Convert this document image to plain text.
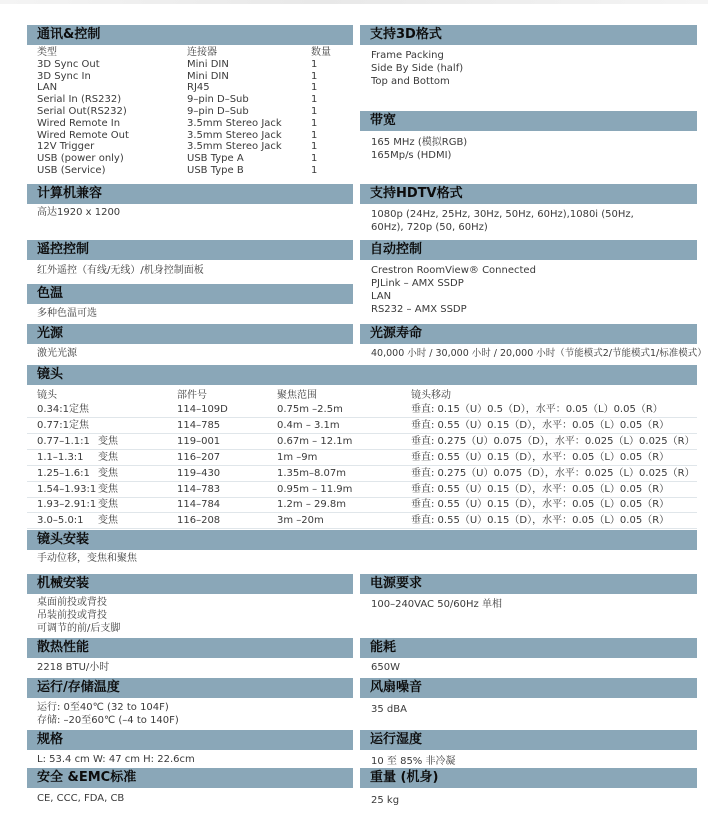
通讯&控制	支持3D格式
类型	连接器	数量
3D Sync Out	Mini DIN	1
3D Sync In	Mini DIN	1
LAN	RJ45	1
Serial In (RS232)	9–pin D–Sub	1
Serial Out(RS232)	9–pin D–Sub	1
Wired Remote In	3.5mm Stereo Jack	1
Wired Remote Out	3.5mm Stereo Jack	1
12V Trigger	3.5mm Stereo Jack	1
USB (power only)	USB Type A	1
USB (Service)	USB Type B	1
Frame Packing
Side By Side (half)
Top and Bottom
带宽
165 MHz (模拟RGB)
165Mp/s (HDMI)
计算机兼容	支持HDTV格式
高达1920 x 1200	1080p (24Hz, 25Hz, 30Hz, 50Hz, 60Hz),1080i (50Hz,
60Hz), 720p (50, 60Hz)
遥控控制	自动控制
红外遥控（有线/无线）/机身控制面板	Crestron RoomView® Connected
PJLink – AMX SSDP
LAN
RS232 – AMX SSDP
色温
多种色温可选
光源	光源寿命
激光光源	40,000 小时 / 30,000 小时 / 20,000 小时（节能模式2/节能模式1/标准模式）
镜头
镜头	部件号	聚焦范围	镜头移动
0.34:1定焦	114–109D	0.75m –2.5m	垂直: 0.15（U）0.5（D），水平：0.05（L）0.05（R）
0.77:1定焦	114–785	0.4m – 3.1m	垂直: 0.55（U）0.15（D），水平：0.05（L）0.05（R）
0.77–1.1:1 变焦	119–001	0.67m – 12.1m	垂直: 0.275（U）0.075（D），水平：0.025（L）0.025（R）
1.1–1.3:1 变焦	116–207	1m –9m	垂直: 0.55（U）0.15（D），水平：0.05（L）0.05（R）
1.25–1.6:1 变焦	119–430	1.35m–8.07m	垂直: 0.275（U）0.075（D），水平：0.025（L）0.025（R）
1.54–1.93:1 变焦	114–783	0.95m – 11.9m	垂直: 0.55（U）0.15（D），水平：0.05（L）0.05（R）
1.93–2.91:1 变焦	114–784	1.2m – 29.8m	垂直: 0.55（U）0.15（D），水平：0.05（L）0.05（R）
3.0–5.0:1 变焦	116–208	3m –20m	垂直: 0.55（U）0.15（D），水平：0.05（L）0.05（R）
镜头安装
手动位移，变焦和聚焦
机械安装	电源要求
桌面前投或背投
吊装前投或背投
可调节的前/后支脚
100–240VAC 50/60Hz 单相
散热性能	能耗
2218 BTU/小时	650W
运行/存储温度	风扇噪音
运行: 0至40℃ (32 to 104F)
存储: –20至60℃ (–4 to 140F)
35 dBA
规格	运行湿度
L: 53.4 cm W: 47 cm H: 22.6cm	10 至 85% 非冷凝
安全 &EMC标准	重量 (机身)
CE, CCC, FDA, CB	25 kg
